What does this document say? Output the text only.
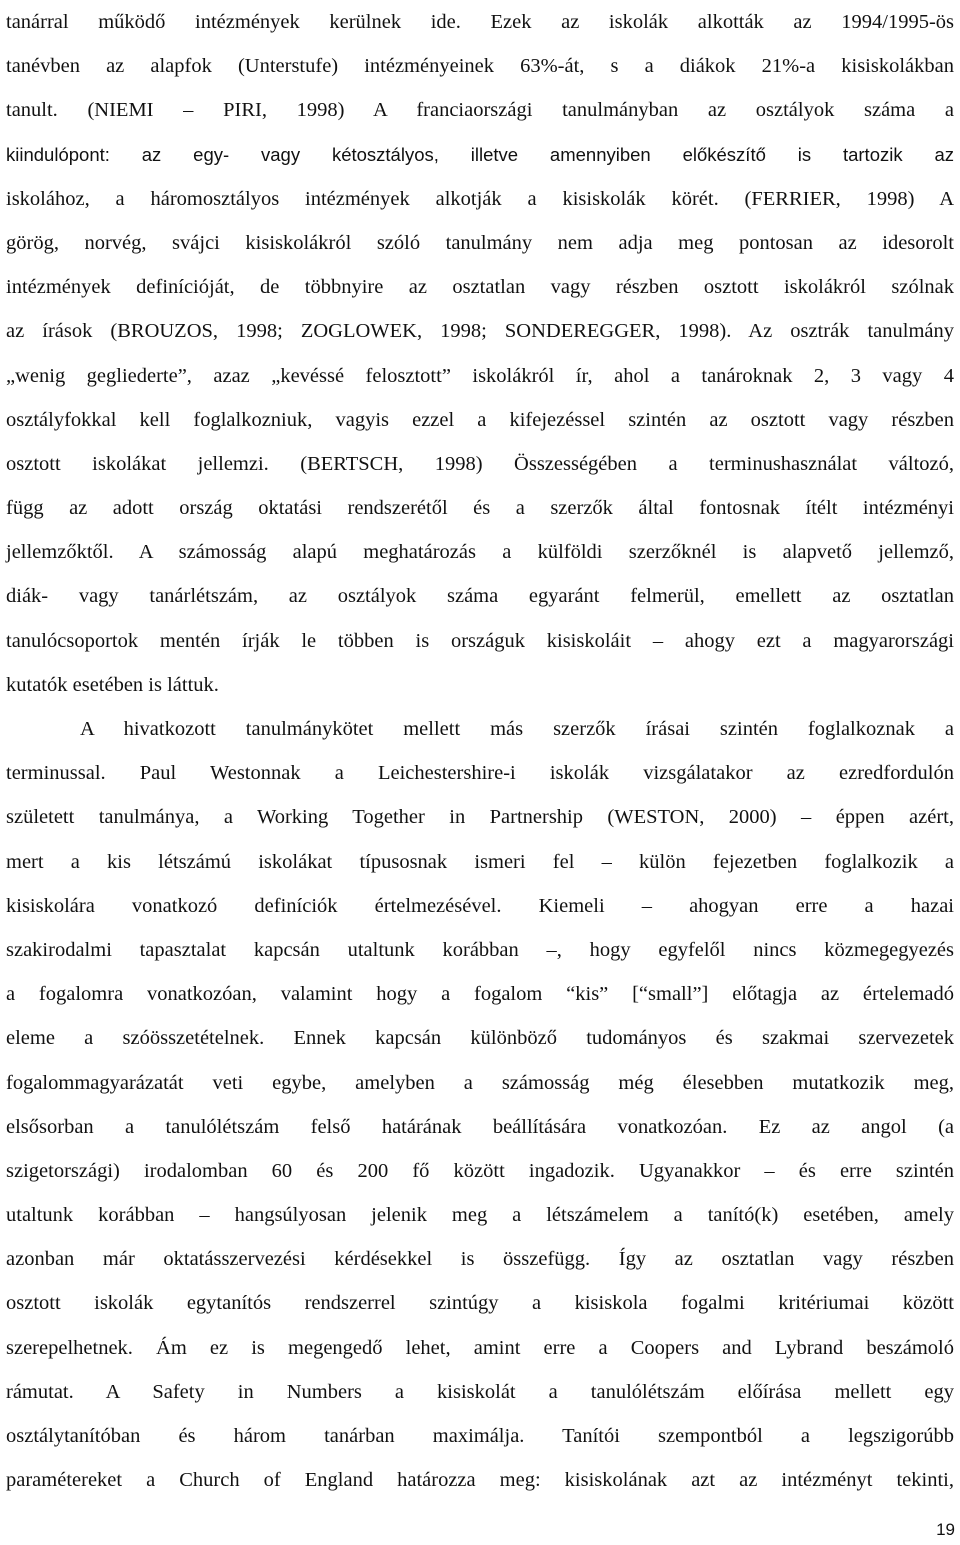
tanárral működő intézmények kerülnek ide. Ezek az iskolák alkották az 1994/1995-ös
tanévben az alapfok (Unterstufe) intézményeinek 63%-át, s a diákok 21%-a kisiskolákban
tanult. (NIEMI – PIRI, 1998) A franciaországi tanulmányban az osztályok száma a
kiindulópont: az egy- vagy kétosztályos, illetve amennyiben előkészítő is tartozik az
iskolához, a háromosztályos intézmények alkotják a kisiskolák körét. (FERRIER, 1998) A
görög, norvég, svájci kisiskolákról szóló tanulmány nem adja meg pontosan az idesorolt
intézmények definícióját, de többnyire az osztatlan vagy részben osztott iskolákról szólnak
az írások (BROUZOS, 1998; ZOGLOWEK, 1998; SONDEREGGER, 1998). Az osztrák tanulmány
„wenig gegliederte”, azaz „kevéssé felosztott” iskolákról ír, ahol a tanároknak 2, 3 vagy 4
osztályfokkal kell foglalkozniuk, vagyis ezzel a kifejezéssel szintén az osztott vagy részben
osztott iskolákat jellemzi. (BERTSCH, 1998) Összességében a terminushasználat változó,
függ az adott ország oktatási rendszerétől és a szerzők által fontosnak ítélt intézményi
jellemzőktől. A számosság alapú meghatározás a külföldi szerzőknél is alapvető jellemző,
diák- vagy tanárlétszám, az osztályok száma egyaránt felmerül, emellett az osztatlan
tanulócsoportok mentén írják le többen is országuk kisiskoláit – ahogy ezt a magyarországi
kutatók esetében is láttuk.
A hivatkozott tanulmánykötet mellett más szerzők írásai szintén foglalkoznak a
terminussal. Paul Westonnak a Leichestershire-i iskolák vizsgálatakor az ezredfordulón
született tanulmánya, a Working Together in Partnership (WESTON, 2000) – éppen azért,
mert a kis létszámú iskolákat típusosnak ismeri fel – külön fejezetben foglalkozik a
kisiskolára vonatkozó definíciók értelmezésével. Kiemeli – ahogyan erre a hazai
szakirodalmi tapasztalat kapcsán utaltunk korábban –, hogy egyfelől nincs közmegegyezés
a fogalomra vonatkozóan, valamint hogy a fogalom “kis” [“small”] előtagja az értelemadó
eleme a szóösszetételnek. Ennek kapcsán különböző tudományos és szakmai szervezetek
fogalommagyarázatát veti egybe, amelyben a számosság még élesebben mutatkozik meg,
elsősorban a tanulólétszám felső határának beállítására vonatkozóan. Ez az angol (a
szigetországi) irodalomban 60 és 200 fő között ingadozik. Ugyanakkor – és erre szintén
utaltunk korábban – hangsúlyosan jelenik meg a létszámelem a tanító(k) esetében, amely
azonban már oktatásszervezési kérdésekkel is összefügg. Így az osztatlan vagy részben
osztott iskolák egytanítós rendszerrel szintúgy a kisiskola fogalmi kritériumai között
szerepelhetnek. Ám ez is megengedő lehet, amint erre a Coopers and Lybrand beszámoló
rámutat. A Safety in Numbers a kisiskolát a tanulólétszám előírása mellett egy
osztálytanítóban és három tanárban maximálja. Tanítói szempontból a legszigorúbb
paramétereket a Church of England határozza meg: kisiskolának azt az intézményt tekinti,
19
